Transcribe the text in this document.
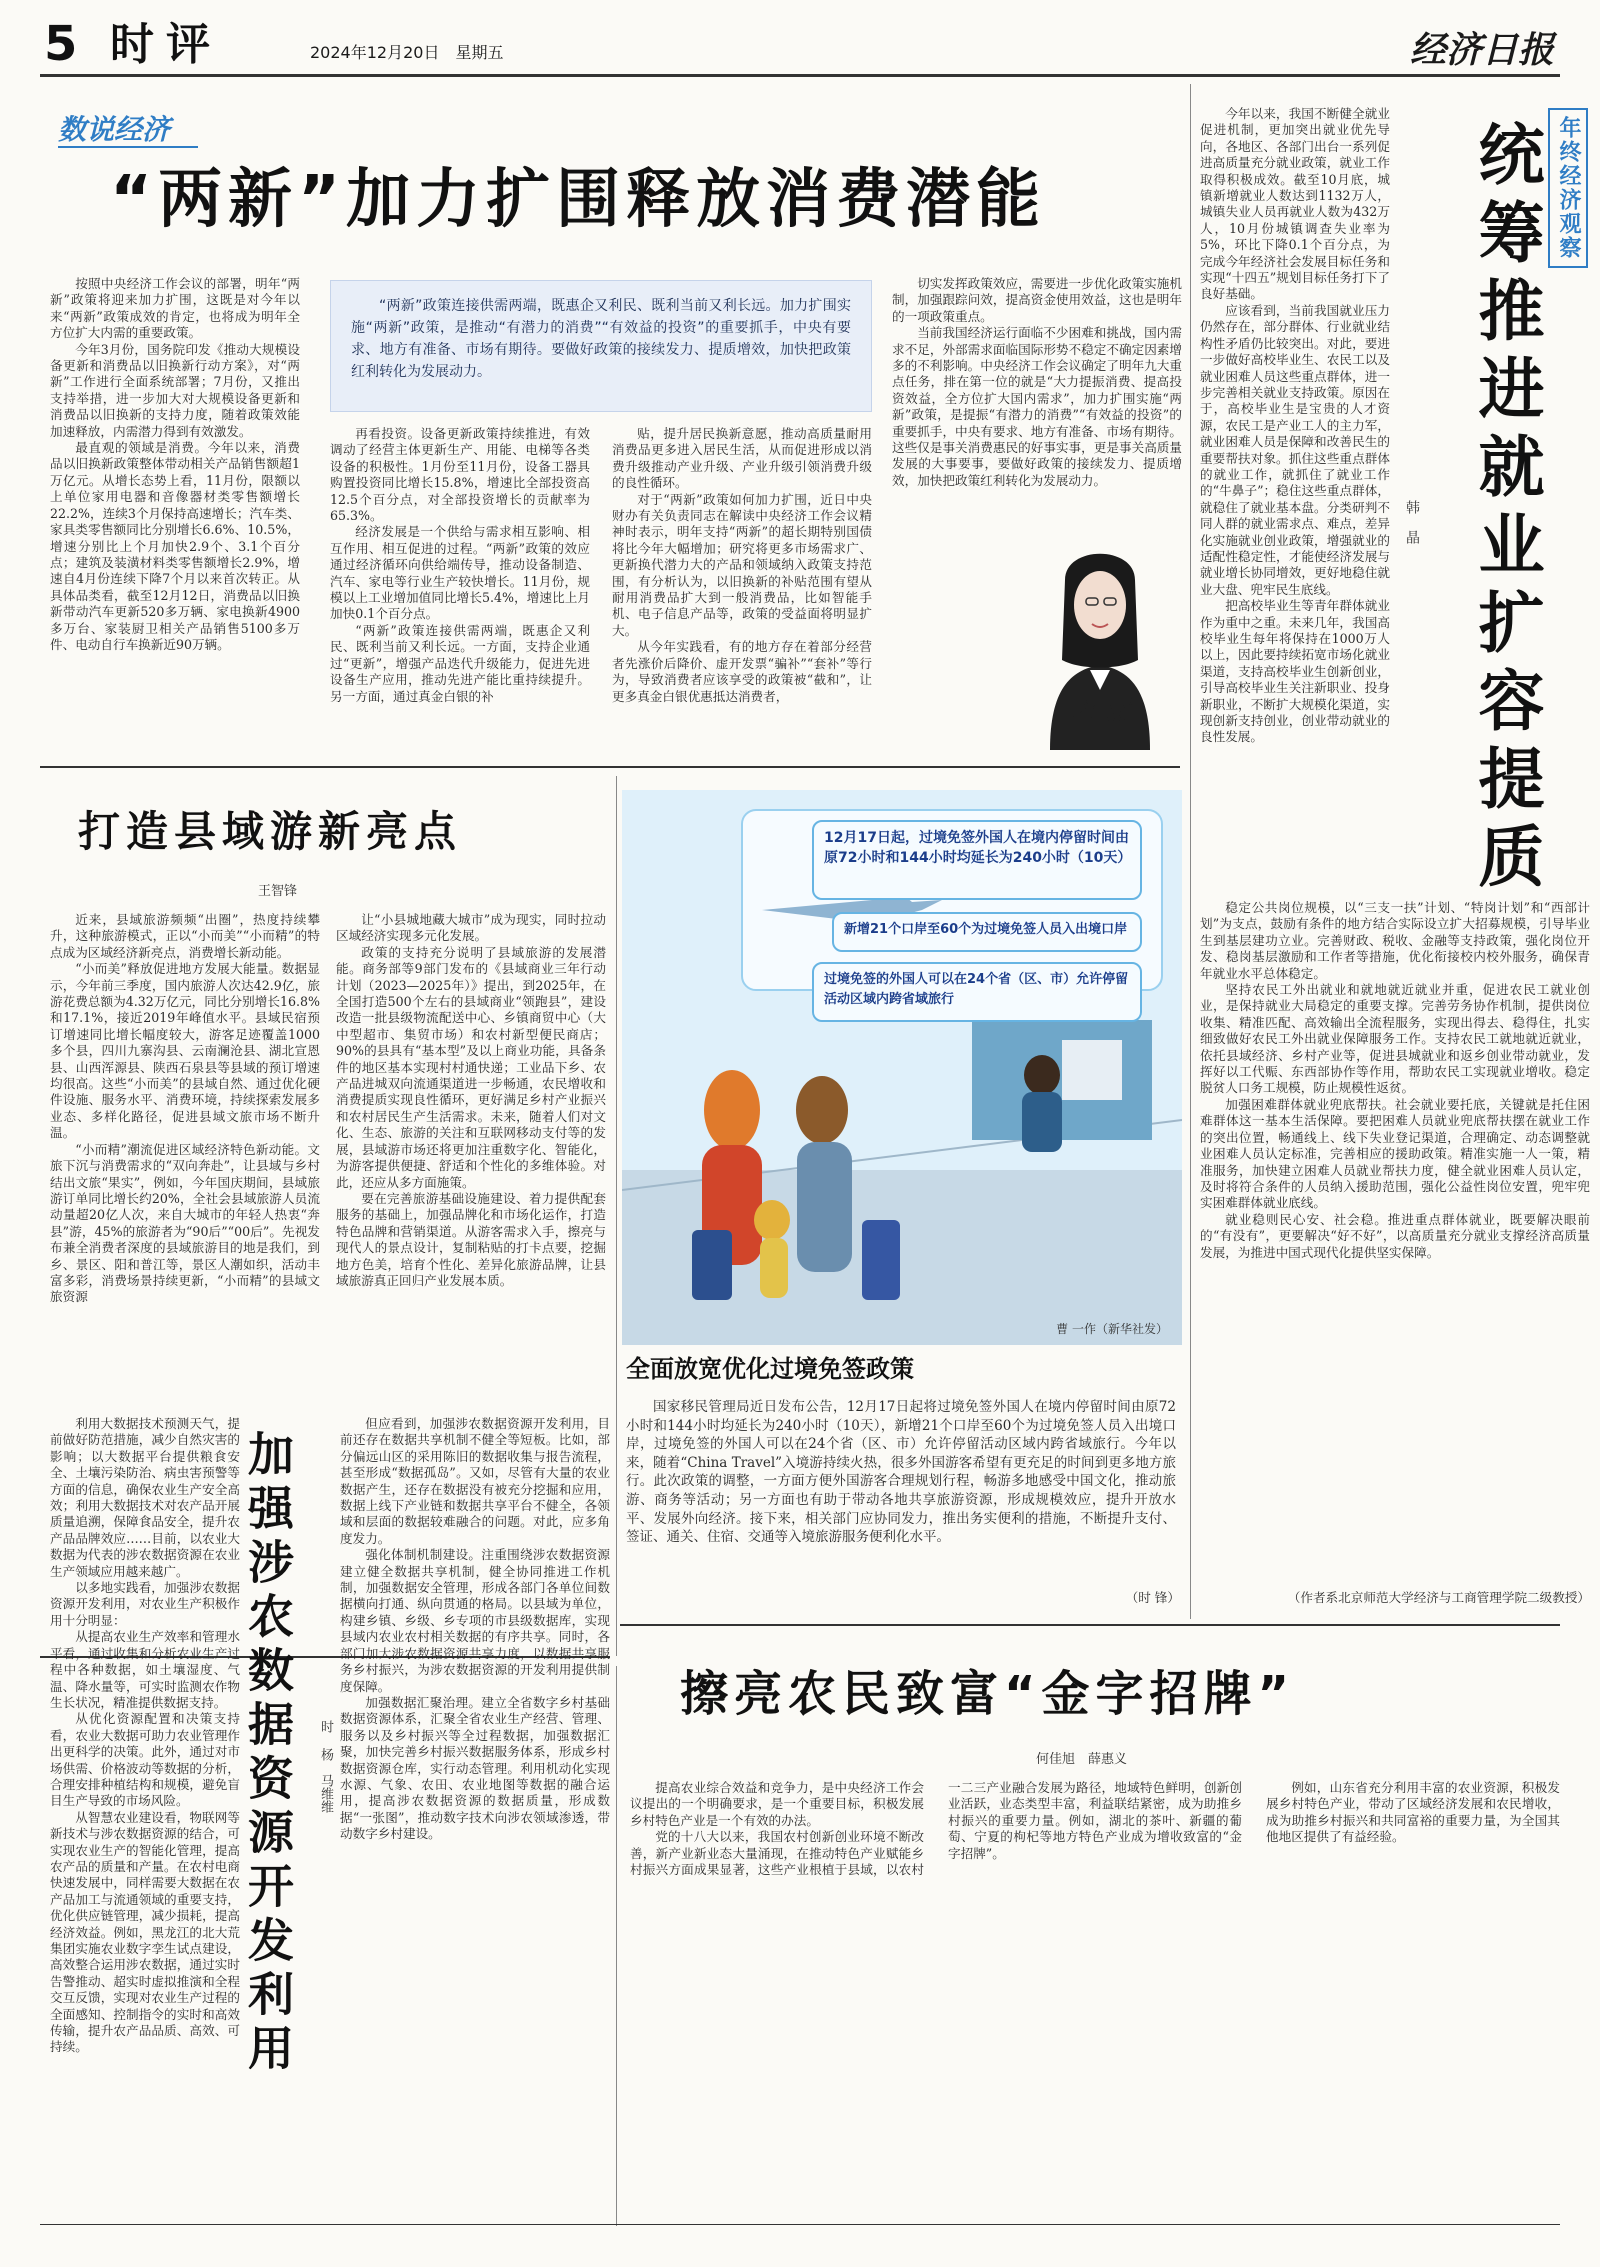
5 时评	2024年12月20日　星期五	经济日报
数说经济
“两新”加力扩围释放消费潜能
“两新”政策连接供需两端，既惠企又利民、既利当前又利长远。加力扩围实施“两新”政策，是推动“有潜力的消费”“有效益的投资”的重要抓手，中央有要求、地方有准备、市场有期待。要做好政策的接续发力、提质增效，加快把政策红利转化为发展动力。

按照中央经济工作会议的部署，明年“两新”政策将迎来加力扩围，这既是对今年以来“两新”政策成效的肯定，也将成为明年全方位扩大内需的重要政策。

今年3月份，国务院印发《推动大规模设备更新和消费品以旧换新行动方案》，对“两新”工作进行全面系统部署；7月份，又推出支持举措，进一步加大对大规模设备更新和消费品以旧换新的支持力度，随着政策效能加速释放，内需潜力得到有效激发。

最直观的领域是消费。今年以来，消费品以旧换新政策整体带动相关产品销售额超1万亿元。从增长态势上看，11月份，限额以上单位家用电器和音像器材类零售额增长22.2%，连续3个月保持高速增长；汽车类、家具类零售额同比分别增长6.6%、10.5%，增速分别比上个月加快2.9个、3.1个百分点；建筑及装潢材料类零售额增长2.9%，增速自4月份连续下降7个月以来首次转正。从具体品类看，截至12月12日，消费品以旧换新带动汽车更新520多万辆、家电换新4900多万台、家装厨卫相关产品销售5100多万件、电动自行车换新近90万辆。

再看投资。设备更新政策持续推进，有效调动了经营主体更新生产、用能、电梯等各类设备的积极性。1月份至11月份，设备工器具购置投资同比增长15.8%，增速比全部投资高12.5个百分点，对全部投资增长的贡献率为65.3%。

经济发展是一个供给与需求相互影响、相互作用、相互促进的过程。“两新”政策的效应通过经济循环向供给端传导，推动设备制造、汽车、家电等行业生产较快增长。11月份，规模以上工业增加值同比增长5.4%，增速比上月加快0.1个百分点。

“两新”政策连接供需两端，既惠企又利民、既利当前又利长远。一方面，支持企业通过“更新”，增强产品迭代升级能力，促进先进设备生产应用，推动先进产能比重持续提升。另一方面，通过真金白银的补

贴，提升居民换新意愿，推动高质量耐用消费品更多进入居民生活，从而促进形成以消费升级推动产业升级、产业升级引领消费升级的良性循环。

对于“两新”政策如何加力扩围，近日中央财办有关负责同志在解读中央经济工作会议精神时表示，明年支持“两新”的超长期特别国债将比今年大幅增加；研究将更多市场需求广、更新换代潜力大的产品和领域纳入政策支持范围，有分析认为，以旧换新的补贴范围有望从耐用消费品扩大到一般消费品，比如智能手机、电子信息产品等，政策的受益面将明显扩大。

从今年实践看，有的地方存在着部分经营者先涨价后降价、虚开发票“骗补”“套补”等行为，导致消费者应该享受的政策被“截和”，让更多真金白银优惠抵达消费者，

切实发挥政策效应，需要进一步优化政策实施机制，加强跟踪问效，提高资金使用效益，这也是明年的一项政策重点。

当前我国经济运行面临不少困难和挑战，国内需求不足，外部需求面临国际形势不稳定不确定因素增多的不利影响。中央经济工作会议确定了明年九大重点任务，排在第一位的就是“大力提振消费、提高投资效益，全方位扩大国内需求”，加力扩围实施“两新”政策，是提振“有潜力的消费”“有效益的投资”的重要抓手，中央有要求、地方有准备、市场有期待。这些仅是事关消费惠民的好事实事，更是事关高质量发展的大事要事，要做好政策的接续发力、提质增效，加快把政策红利转化为发展动力。

郭 丽
年终经济观察
统筹推进就业扩容提质
韩 晶

今年以来，我国不断健全就业促进机制，更加突出就业优先导向，各地区、各部门出台一系列促进高质量充分就业政策，就业工作取得积极成效。截至10月底，城镇新增就业人数达到1132万人，城镇失业人员再就业人数为432万人，10月份城镇调查失业率为5%，环比下降0.1个百分点，为完成今年经济社会发展目标任务和实现“十四五”规划目标任务打下了良好基础。

应该看到，当前我国就业压力仍然存在，部分群体、行业就业结构性矛盾仍比较突出。对此，要进一步做好高校毕业生、农民工以及就业困难人员这些重点群体，进一步完善相关就业支持政策。原因在于，高校毕业生是宝贵的人才资源，农民工是产业工人的主力军，就业困难人员是保障和改善民生的重要帮扶对象。抓住这些重点群体的就业工作，就抓住了就业工作的“牛鼻子”；稳住这些重点群体，就稳住了就业基本盘。分类研判不同人群的就业需求点、难点，差异化实施就业创业政策，增强就业的适配性稳定性，才能使经济发展与就业增长协同增效，更好地稳住就业大盘、兜牢民生底线。

把高校毕业生等青年群体就业作为重中之重。未来几年，我国高校毕业生每年将保持在1000万人以上，因此要持续拓宽市场化就业渠道，支持高校毕业生创新创业，引导高校毕业生关注新职业、投身新职业，不断扩大规模化渠道，实现创新支持创业，创业带动就业的良性发展。

稳定公共岗位规模，以“三支一扶”计划、“特岗计划”和“西部计划”为支点，鼓励有条件的地方结合实际设立扩大招募规模，引导毕业生到基层建功立业。完善财政、税收、金融等支持政策，强化岗位开发、稳岗基层激励和工作者等措施，优化衔接校内校外服务，确保青年就业水平总体稳定。

坚持农民工外出就业和就地就近就业并重，促进农民工就业创业，是保持就业大局稳定的重要支撑。完善劳务协作机制，提供岗位收集、精准匹配、高效输出全流程服务，实现出得去、稳得住，扎实细致做好农民工外出就业保障服务工作。支持农民工就地就近就业，依托县域经济、乡村产业等，促进县城就业和返乡创业带动就业，发挥好以工代赈、东西部协作等作用，帮助农民工实现就业增收。稳定脱贫人口务工规模，防止规模性返贫。

加强困难群体就业兜底帮扶。社会就业要托底，关键就是托住困难群体这一基本生活保障。要把困难人员就业兜底帮扶摆在就业工作的突出位置，畅通线上、线下失业登记渠道，合理确定、动态调整就业困难人员认定标准，完善相应的援助政策。精准实施一人一策，精准服务，加快建立困难人员就业帮扶力度，健全就业困难人员认定，及时将符合条件的人员纳入援助范围，强化公益性岗位安置，兜牢兜实困难群体就业底线。

就业稳则民心安、社会稳。推进重点群体就业，既要解决眼前的“有没有”，更要解决“好不好”，以高质量充分就业支撑经济高质量发展，为推进中国式现代化提供坚实保障。

（作者系北京师范大学经济与工商管理学院二级教授）
打造县域游新亮点
王智锋

近来，县域旅游频频“出圈”，热度持续攀升，这种旅游模式，正以“小而美”“小而精”的特点成为区域经济新亮点，消费增长新动能。

“小而美”释放促进地方发展大能量。数据显示，今年前三季度，国内旅游人次达42.9亿，旅游花费总额为4.32万亿元，同比分别增长16.8%和17.1%，接近2019年峰值水平。县域民宿预订增速同比增长幅度较大，游客足迹覆盖1000多个县，四川九寨沟县、云南澜沧县、湖北宣恩县、山西浑源县、陕西石泉县等县域的预订增速均很高。这些“小而美”的县域自然、通过优化硬件设施、服务水平、消费环境，持续探索发展多业态、多样化路径，促进县域文旅市场不断升温。

“小而精”潮流促进区域经济特色新动能。文旅下沉与消费需求的“双向奔赴”，让县域与乡村结出文旅“果实”，例如，今年国庆期间，县域旅游订单同比增长约20%，全社会县域旅游人员流动量超20亿人次，来自大城市的年轻人热衷“奔县”游，45%的旅游者为“90后”“00后”。先视发布兼全消费者深度的县域旅游目的地是我们，到乡、景区、阳和普江等，景区人潮如织，活动丰富多彩，消费场景持续更新，“小而精”的县域文旅资源

让“小县城地藏大城市”成为现实，同时拉动区域经济实现多元化发展。

政策的支持充分说明了县域旅游的发展潜能。商务部等9部门发布的《县域商业三年行动计划（2023—2025年）》提出，到2025年，在全国打造500个左右的县域商业“领跑县”，建设改造一批县级物流配送中心、乡镇商贸中心（大中型超市、集贸市场）和农村新型便民商店；90%的县具有“基本型”及以上商业功能，具备条件的地区基本实现村村通快递；工业品下乡、农产品进城双向流通渠道进一步畅通，农民增收和消费提质实现良性循环，更好满足乡村产业振兴和农村居民生产生活需求。未来，随着人们对文化、生态、旅游的关注和互联网移动支付等的发展，县域游市场还将更加注重数字化、智能化，为游客提供便捷、舒适和个性化的多维体验。对此，还应从多方面施策。

要在完善旅游基础设施建设、着力提供配套服务的基础上，加强品牌化和市场化运作，打造特色品牌和营销渠道。从游客需求入手，擦亮与现代人的景点设计，复制粘贴的打卡点要，挖掘地方色美，培育个性化、差异化旅游品牌，让县域旅游真正回归产业发展本质。

12月17日起，过境免签外国人在境内停留时间由原72小时和144小时均延长为240小时（10天）
新增21个口岸至60个为过境免签人员入出境口岸
过境免签的外国人可以在24个省（区、市）允许停留活动区域内跨省域旅行
曹 一作（新华社发）
全面放宽优化过境免签政策

国家移民管理局近日发布公告，12月17日起将过境免签外国人在境内停留时间由原72小时和144小时均延长为240小时（10天），新增21个口岸至60个为过境免签人员入出境口岸，过境免签的外国人可以在24个省（区、市）允许停留活动区域内跨省域旅行。今年以来，随着“China Travel”入境游持续火热，很多外国游客希望有更充足的时间到更多地方旅行。此次政策的调整，一方面方便外国游客合理规划行程，畅游多地感受中国文化，推动旅游、商务等活动；另一方面也有助于带动各地共享旅游资源，形成规模效应，提升开放水平、发展外向经济。接下来，相关部门应协同发力，推出务实便利的措施，不断提升支付、签证、通关、住宿、交通等入境旅游服务便利化水平。

（时 锋）

利用大数据技术预测天气，提前做好防范措施，减少自然灾害的影响；以大数据平台提供粮食安全、土壤污染防治、病虫害预警等方面的信息，确保农业生产安全高效；利用大数据技术对农产品开展质量追溯，保障食品安全，提升农产品品牌效应……目前，以农业大数据为代表的涉农数据资源在农业生产领域应用越来越广。

以多地实践看，加强涉农数据资源开发利用，对农业生产积极作用十分明显：

从提高农业生产效率和管理水平看，通过收集和分析农业生产过程中各种数据，如土壤湿度、气温、降水量等，可实时监测农作物生长状况，精准提供数据支持。

从优化资源配置和决策支持看，农业大数据可助力农业管理作出更科学的决策。此外，通过对市场供需、价格波动等数据的分析，合理安排种植结构和规模，避免盲目生产导致的市场风险。

从智慧农业建设看，物联网等新技术与涉农数据资源的结合，可实现农业生产的智能化管理，提高农产品的质量和产量。在农村电商快速发展中，同样需要大数据在农产品加工与流通领域的重要支持，优化供应链管理，减少损耗，提高经济效益。例如，黑龙江的北大荒集团实施农业数字孪生试点建设，高效整合运用涉农数据，通过实时告警推动、超实时虚拟推演和全程交互反馈，实现对农业生产过程的全面感知、控制指令的实时和高效传输，提升农产品品质、高效、可持续。	加强涉农数据资源开发利用 时 杨　马维维

但应看到，加强涉农数据资源开发利用，目前还存在数据共享机制不健全等短板。比如，部分偏远山区的采用陈旧的数据收集与报告流程，甚至形成“数据孤岛”。又如，尽管有大量的农业数据产生，还存在数据没有被充分挖掘和应用，数据上线下产业链和数据共享平台不健全，各领域和层面的数据较难融合的问题。对此，应多角度发力。

强化体制机制建设。注重围绕涉农数据资源建立健全数据共享机制，健全协同推进工作机制，加强数据安全管理，形成各部门各单位间数据横向打通、纵向贯通的格局。以县域为单位，构建乡镇、乡级、乡专项的市县级数据库，实现县域内农业农村相关数据的有序共享。同时，各部门加大涉农数据资源共享力度，以数据共享服务乡村振兴，为涉农数据资源的开发利用提供制度保障。

加强数据汇聚治理。建立全省数字乡村基础数据资源体系，汇聚全省农业生产经营、管理、服务以及乡村振兴等全过程数据，加强数据汇聚，加快完善乡村振兴数据服务体系，形成乡村数据资源仓库，实行动态管理。利用机动化实现水源、气象、农田、农业地图等数据的融合运用，提高涉农数据资源的数据质量，形成数据“一张图”，推动数字技术向涉农领域渗透，带动数字乡村建设。

擦亮农民致富“金字招牌”
何佳旭　薛惠义

提高农业综合效益和竞争力，是中央经济工作会议提出的一个明确要求，是一个重要目标，积极发展乡村特色产业是一个有效的办法。

党的十八大以来，我国农村创新创业环境不断改善，新产业新业态大量涌现，在推动特色产业赋能乡村振兴方面成果显著，这些产业根植于县域，以农村一二三产业融合发展为路径，地域特色鲜明，创新创业活跃，业态类型丰富，利益联结紧密，成为助推乡村振兴的重要力量。例如，湖北的茶叶、新疆的葡萄、宁夏的枸杞等地方特色产业成为增收致富的“金字招牌”。

例如，山东省充分利用丰富的农业资源，积极发展乡村特色产业，带动了区域经济发展和农民增收，成为助推乡村振兴和共同富裕的重要力量，为全国其他地区提供了有益经验。
